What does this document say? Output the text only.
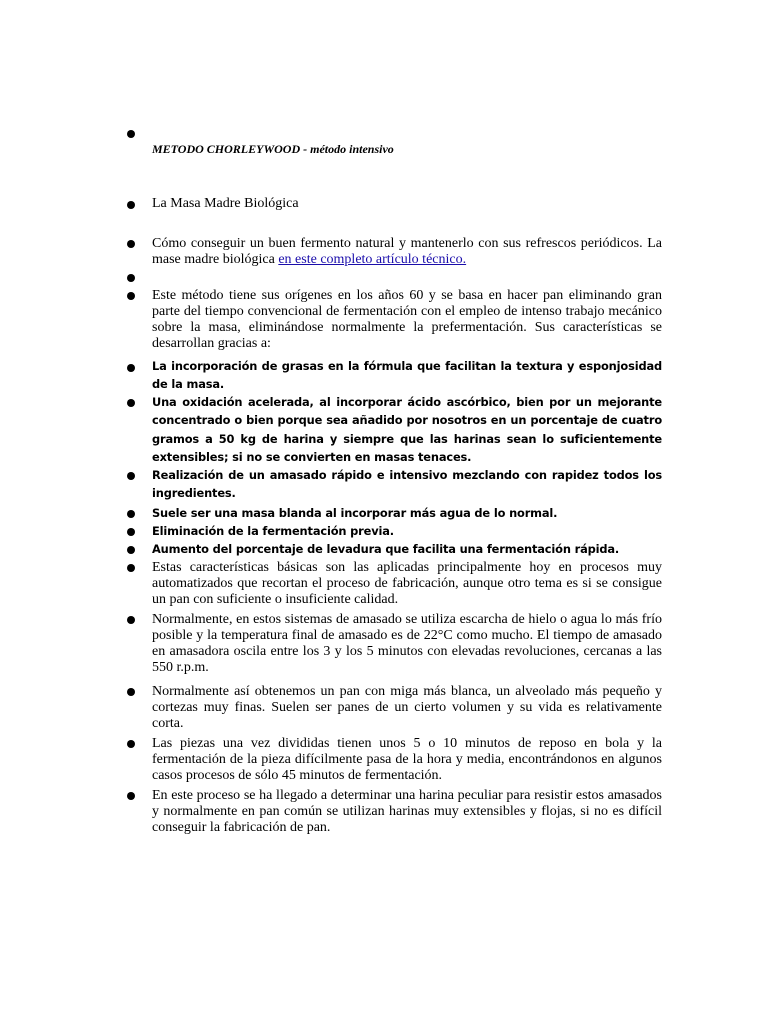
METODO CHORLEYWOOD - método intensivo

La Masa Madre Biológica

Cómo conseguir un buen fermento natural y mantenerlo con sus refrescos periódicos. La mase madre biológica en este completo artículo técnico.

Este método tiene sus orígenes en los años 60 y se basa en hacer pan eliminando gran parte del tiempo convencional de fermentación con el empleo de intenso trabajo mecánico sobre la masa, eliminándose normalmente la prefermentación. Sus características se desarrollan gracias a:

La incorporación de grasas en la fórmula que facilitan la textura y esponjosidad de la masa.

Una oxidación acelerada, al incorporar ácido ascórbico, bien por un mejorante concentrado o bien porque sea añadido por nosotros en un porcentaje de cuatro gramos a 50 kg de harina y siempre que las harinas sean lo suficientemente extensibles; si no se convierten en masas tenaces.

Realización de un amasado rápido e intensivo mezclando con rapidez todos los ingredientes.

Suele ser una masa blanda al incorporar más agua de lo normal.

Eliminación de la fermentación previa.

Aumento del porcentaje de levadura que facilita una fermentación rápida.

Estas características básicas son las aplicadas principalmente hoy en procesos muy automatizados que recortan el proceso de fabricación, aunque otro tema es si se consigue un pan con suficiente o insuficiente calidad.

Normalmente, en estos sistemas de amasado se utiliza escarcha de hielo o agua lo más frío posible y la temperatura final de amasado es de 22°C como mucho. El tiempo de amasado en amasadora oscila entre los 3 y los 5 minutos con elevadas revoluciones, cercanas a las 550 r.p.m.

Normalmente así obtenemos un pan con miga más blanca, un alveolado más pequeño y cortezas muy finas. Suelen ser panes de un cierto volumen y su vida es relativamente corta.

Las piezas una vez divididas tienen unos 5 o 10 minutos de reposo en bola y la fermentación de la pieza difícilmente pasa de la hora y media, encontrándonos en algunos casos procesos de sólo 45 minutos de fermentación.

En este proceso se ha llegado a determinar una harina peculiar para resistir estos amasados y normalmente en pan común se utilizan harinas muy extensibles y flojas, si no es difícil conseguir la fabricación de pan.
